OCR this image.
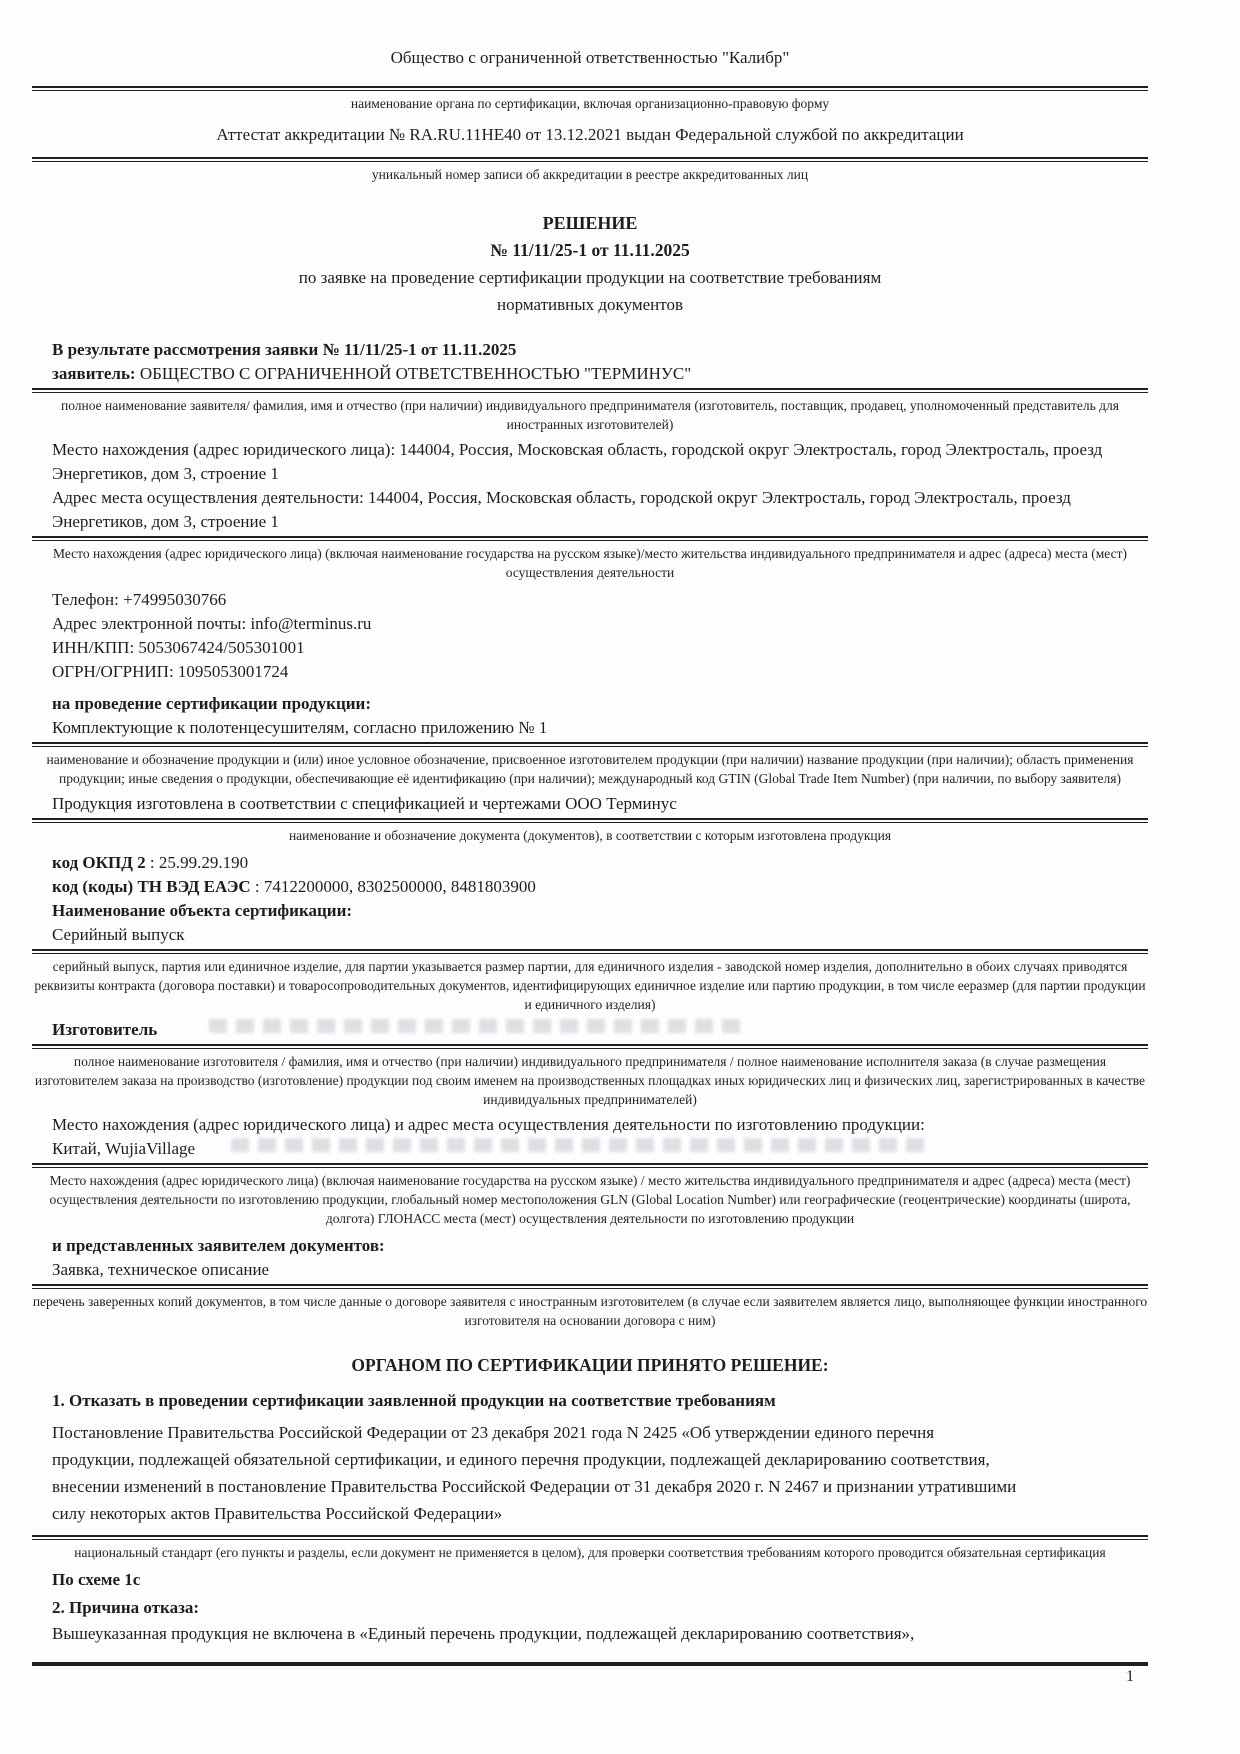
Общество с ограниченной ответственностью "Калибр"
наименование органа по сертификации, включая организационно-правовую форму
Аттестат аккредитации № RA.RU.11НЕ40 от 13.12.2021 выдан Федеральной службой по аккредитации
уникальный номер записи об аккредитации в реестре аккредитованных лиц
РЕШЕНИЕ
№ 11/11/25-1 от 11.11.2025
по заявке на проведение сертификации продукции на соответствие требованиям
нормативных документов
В результате рассмотрения заявки № 11/11/25-1 от 11.11.2025
заявитель: ОБЩЕСТВО С ОГРАНИЧЕННОЙ ОТВЕТСТВЕННОСТЬЮ "ТЕРМИНУС"
полное наименование заявителя/ фамилия, имя и отчество (при наличии) индивидуального предпринимателя (изготовитель, поставщик, продавец, уполномоченный представитель для иностранных изготовителей)
Место нахождения (адрес юридического лица): 144004, Россия, Московская область, городской округ Электросталь, город Электросталь, проезд Энергетиков, дом 3, строение 1
Адрес места осуществления деятельности: 144004, Россия, Московская область, городской округ Электросталь, город Электросталь, проезд Энергетиков, дом 3, строение 1
Место нахождения (адрес юридического лица) (включая наименование государства на русском языке)/место жительства индивидуального предпринимателя и адрес (адреса) места (мест) осуществления деятельности
Телефон: +74995030766
Адрес электронной почты: info@terminus.ru
ИНН/КПП: 5053067424/505301001
ОГРН/ОГРНИП: 1095053001724
на проведение сертификации продукции:
Комплектующие к полотенцесушителям, согласно приложению № 1
наименование и обозначение продукции и (или) иное условное обозначение, присвоенное изготовителем продукции (при наличии) название продукции (при наличии); область применения продукции; иные сведения о продукции, обеспечивающие её идентификацию (при наличии); международный код GTIN (Global Trade Item Number) (при наличии, по выбору заявителя)
Продукция изготовлена в соответствии с спецификацией и чертежами ООО Терминус
наименование и обозначение документа (документов), в соответствии с которым изготовлена продукция
код ОКПД 2 : 25.99.29.190
код (коды) ТН ВЭД ЕАЭС : 7412200000, 8302500000, 8481803900
Наименование объекта сертификации:
Серийный выпуск
серийный выпуск, партия или единичное изделие, для партии указывается размер партии, для единичного изделия - заводской номер изделия, дополнительно в обоих случаях приводятся реквизиты контракта (договора поставки) и товаросопроводительных документов, идентифицирующих единичное изделие или партию продукции, в том числе ееразмер (для партии продукции и единичного изделия)
Изготовитель
полное наименование изготовителя / фамилия, имя и отчество (при наличии) индивидуального предпринимателя / полное наименование исполнителя заказа (в случае размещения изготовителем заказа на производство (изготовление) продукции под своим именем на производственных площадках иных юридических лиц и физических лиц, зарегистрированных в качестве индивидуальных предпринимателей)
Место нахождения (адрес юридического лица) и адрес места осуществления деятельности по изготовлению продукции:
Китай, WujiaVillage
Место нахождения (адрес юридического лица) (включая наименование государства на русском языке) / место жительства индивидуального предпринимателя и адрес (адреса) места (мест) осуществления деятельности по изготовлению продукции, глобальный номер местоположения GLN (Global Location Number) или географические (геоцентрические) координаты (широта, долгота) ГЛОНАСС места (мест) осуществления деятельности по изготовлению продукции
и представленных заявителем документов:
Заявка, техническое описание
перечень заверенных копий документов, в том числе данные о договоре заявителя с иностранным изготовителем (в случае если заявителем является лицо, выполняющее функции иностранного изготовителя на основании договора с ним)
ОРГАНОМ ПО СЕРТИФИКАЦИИ ПРИНЯТО РЕШЕНИЕ:
1. Отказать в проведении сертификации заявленной продукции на соответствие требованиям
Постановление Правительства Российской Федерации от 23 декабря 2021 года N 2425 «Об утверждении единого перечня продукции, подлежащей обязательной сертификации, и единого перечня продукции, подлежащей декларированию соответствия, внесении изменений в постановление Правительства Российской Федерации от 31 декабря 2020 г. N 2467 и признании утратившими силу некоторых актов Правительства Российской Федерации»
национальный стандарт (его пункты и разделы, если документ не применяется в целом), для проверки соответствия требованиям которого проводится обязательная сертификация
По схеме 1с
2. Причина отказа:
Вышеуказанная продукция не включена в «Единый перечень продукции, подлежащей декларированию соответствия»,
1
